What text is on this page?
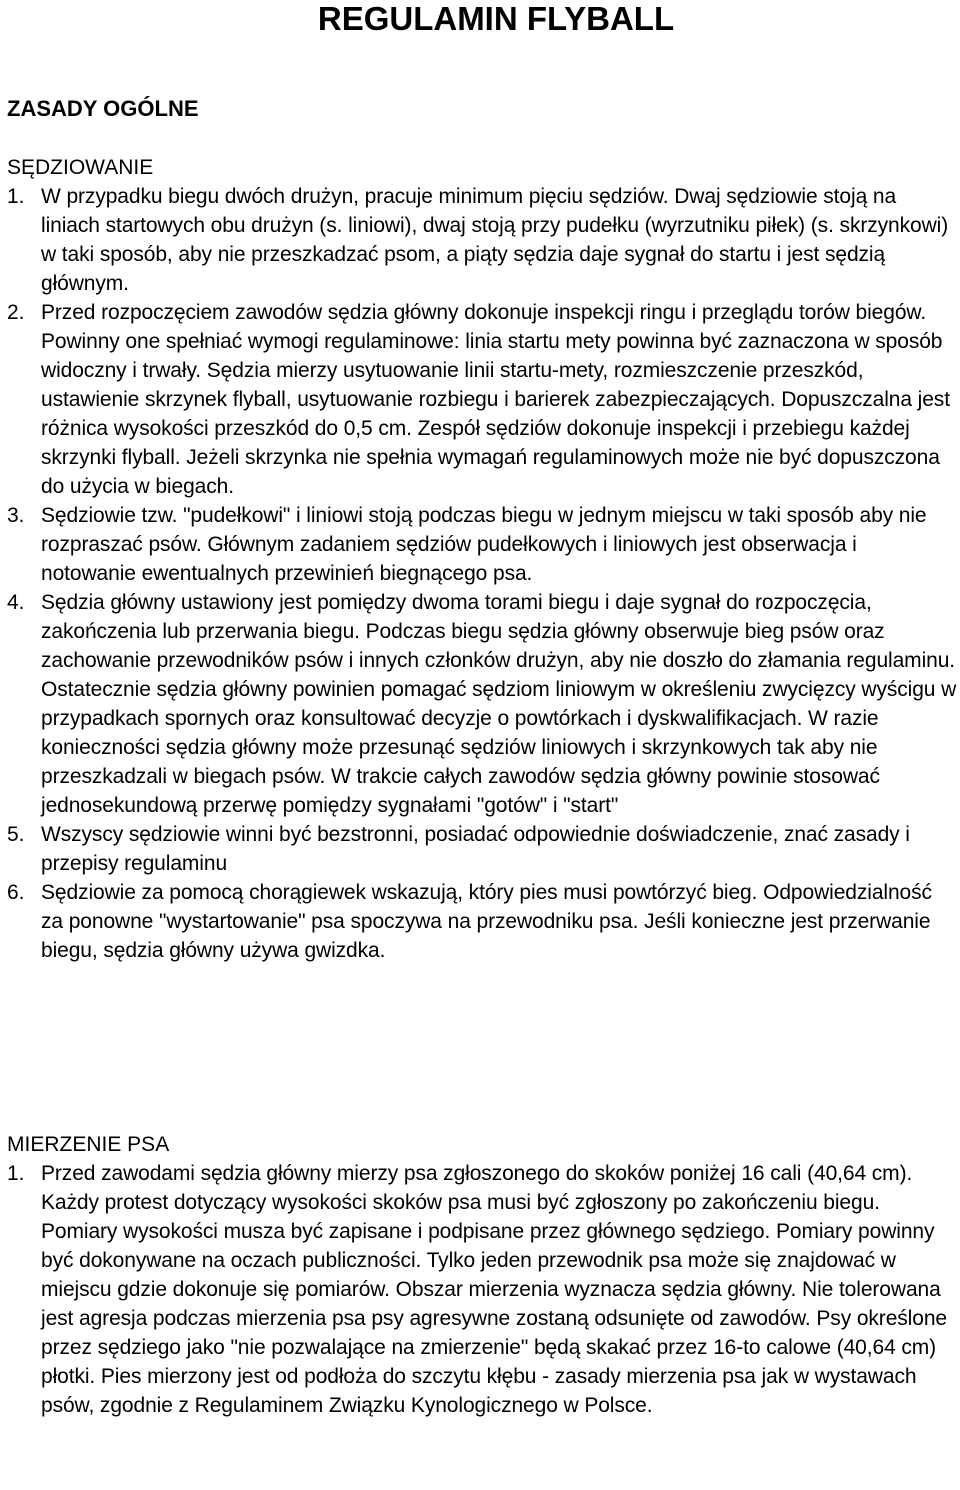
REGULAMIN FLYBALL
ZASADY OGÓLNE
SĘDZIOWANIE
1. W przypadku biegu dwóch drużyn, pracuje minimum pięciu sędziów. Dwaj sędziowie stoją na liniach startowych obu drużyn (s. liniowi), dwaj stoją przy pudełku (wyrzutniku piłek) (s. skrzynkowi) w taki sposób, aby nie przeszkadzać psom, a piąty sędzia daje sygnał do startu i jest sędzią głównym.
2. Przed rozpoczęciem zawodów sędzia główny dokonuje inspekcji ringu i przeglądu torów biegów. Powinny one spełniać wymogi regulaminowe: linia startu mety powinna być zaznaczona w sposób widoczny i trwały. Sędzia mierzy usytuowanie linii startu-mety, rozmieszczenie przeszkód, ustawienie skrzynek flyball, usytuowanie rozbiegu i barierek zabezpieczających. Dopuszczalna jest różnica wysokości przeszkód do 0,5 cm. Zespół sędziów dokonuje inspekcji i przebiegu każdej skrzynki flyball. Jeżeli skrzynka nie spełnia wymagań regulaminowych może nie być dopuszczona do użycia w biegach.
3. Sędziowie tzw. "pudełkowi" i liniowi stoją podczas biegu w jednym miejscu w taki sposób aby nie rozpraszać psów. Głównym zadaniem sędziów pudełkowych i liniowych jest obserwacja i notowanie ewentualnych przewinień biegnącego psa.
4. Sędzia główny ustawiony jest pomiędzy dwoma torami biegu i daje sygnał do rozpoczęcia, zakończenia lub przerwania biegu. Podczas biegu sędzia główny obserwuje bieg psów oraz zachowanie przewodników psów i innych członków drużyn, aby nie doszło do złamania regulaminu. Ostatecznie sędzia główny powinien pomagać sędziom liniowym w określeniu zwycięzcy wyścigu w przypadkach spornych oraz konsultować decyzje o powtórkach i dyskwalifikacjach. W razie konieczności sędzia główny może przesunąć sędziów liniowych i skrzynkowych tak aby nie przeszkadzali w biegach psów. W trakcie całych zawodów sędzia główny powinie stosować jednosekundową przerwę pomiędzy sygnałami "gotów" i "start"
5. Wszyscy sędziowie winni być bezstronni, posiadać odpowiednie doświadczenie, znać zasady i przepisy regulaminu
6. Sędziowie za pomocą chorągiewek wskazują, który pies musi powtórzyć bieg. Odpowiedzialność za ponowne "wystartowanie" psa spoczywa na przewodniku psa. Jeśli konieczne jest przerwanie biegu, sędzia główny używa gwizdka.
MIERZENIE PSA
1. Przed zawodami sędzia główny mierzy psa zgłoszonego do skoków poniżej 16 cali (40,64 cm). Każdy protest dotyczący wysokości skoków psa musi być zgłoszony po zakończeniu biegu. Pomiary wysokości musza być zapisane i podpisane przez głównego sędziego. Pomiary powinny być dokonywane na oczach publiczności. Tylko jeden przewodnik psa może się znajdować w miejscu gdzie dokonuje się pomiarów. Obszar mierzenia wyznacza sędzia główny. Nie tolerowana jest agresja podczas mierzenia psa psy agresywne zostaną odsunięte od zawodów. Psy określone przez sędziego jako "nie pozwalające na zmierzenie" będą skakać przez 16-to calowe (40,64 cm) płotki. Pies mierzony jest od podłoża do szczytu kłębu - zasady mierzenia psa jak w wystawach psów, zgodnie z Regulaminem Związku Kynologicznego w Polsce.
